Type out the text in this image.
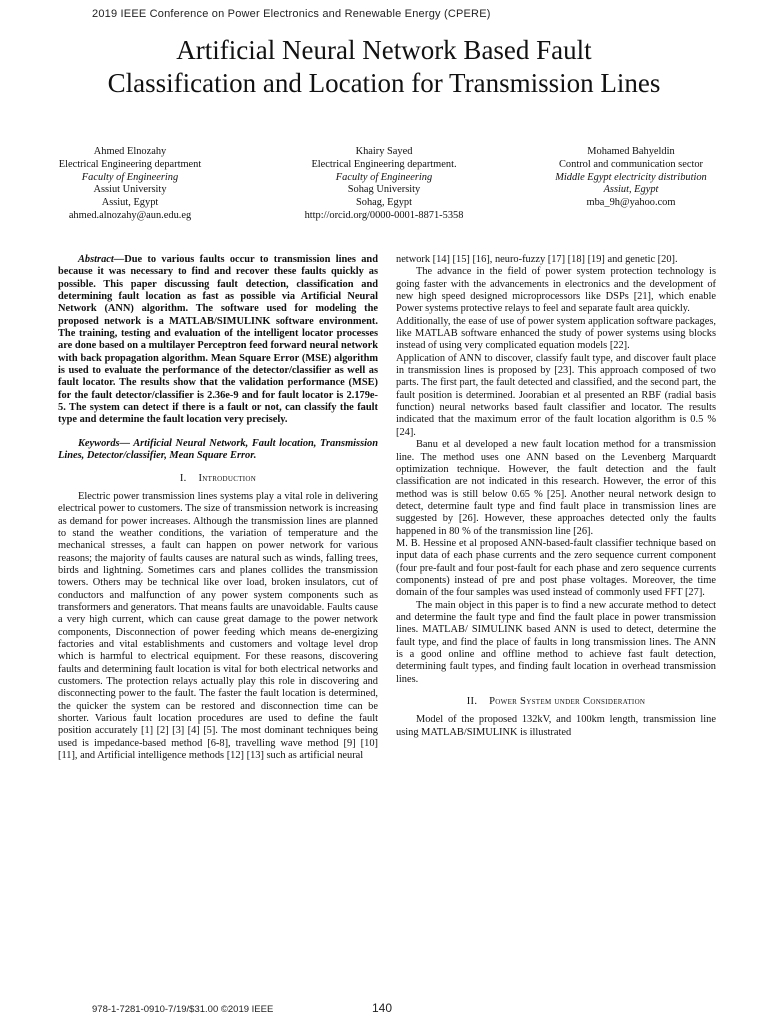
2019 IEEE Conference on Power Electronics and Renewable Energy (CPERE)
Artificial Neural Network Based Fault
Classification and Location for Transmission Lines
Ahmed Elnozahy
Electrical Engineering department
Faculty of Engineering
Assiut University
Assiut, Egypt
ahmed.alnozahy@aun.edu.eg
Khairy Sayed
Electrical Engineering department.
Faculty of Engineering
Sohag University
Sohag, Egypt
http://orcid.org/0000-0001-8871-5358
Mohamed Bahyeldin
Control and communication sector
Middle Egypt electricity distribution
Assiut, Egypt
mba_9h@yahoo.com

Abstract—Due to various faults occur to transmission lines and because it was necessary to find and recover these faults quickly as possible. This paper discussing fault detection, classification and determining fault location as fast as possible via Artificial Neural Network (ANN) algorithm. The software used for modeling the proposed network is a MATLAB/SIMULINK software environment. The training, testing and evaluation of the intelligent locator processes are done based on a multilayer Perceptron feed forward neural network with back propagation algorithm. Mean Square Error (MSE) algorithm is used to evaluate the performance of the detector/classifier as well as fault locator. The results show that the validation performance (MSE) for the fault detector/classifier is 2.36e-9 and for fault locator is 2.179e-5. The system can detect if there is a fault or not, can classify the fault type and determine the fault location very precisely.

Keywords— Artificial Neural Network, Fault location, Transmission Lines, Detector/classifier, Mean Square Error.

I. Introduction

Electric power transmission lines systems play a vital role in delivering electrical power to customers. The size of transmission network is increasing as demand for power increases. Although the transmission lines are planned to stand the weather conditions, the variation of temperature and the mechanical stresses, a fault can happen on power network for various reasons; the majority of faults causes are natural such as winds, falling trees, birds and lightning. Sometimes cars and planes collides the transmission towers. Others may be technical like over load, broken insulators, cut of conductors and malfunction of any power system components such as transformers and generators. That means faults are unavoidable. Faults cause a very high current, which can cause great damage to the power network components, Disconnection of power feeding which means de-energizing factories and vital establishments and customers and voltage level drop which is harmful to electrical equipment. For these reasons, discovering faults and determining fault location is vital for both electrical networks and customers. The protection relays actually play this role in discovering and disconnecting power to the fault. The faster the fault location is determined, the quicker the system can be restored and disconnection time can be shorter. Various fault location procedures are used to define the fault position accurately [1] [2] [3] [4] [5]. The most dominant techniques being used is impedance-based method [6-8], travelling wave method [9] [10] [11], and Artificial intelligence methods [12] [13] such as artificial neural

network [14] [15] [16], neuro-fuzzy [17] [18] [19] and genetic [20].

The advance in the field of power system protection technology is going faster with the advancements in electronics and the development of new high speed designed microprocessors like DSPs [21], which enable Power systems protective relays to feel and separate fault area quickly.

Additionally, the ease of use of power system application software packages, like MATLAB software enhanced the study of power systems using blocks instead of using very complicated equation models [22].

Application of ANN to discover, classify fault type, and discover fault place in transmission lines is proposed by [23]. This approach composed of two parts. The first part, the fault detected and classified, and the second part, the fault position is determined. Joorabian et al presented an RBF (radial basis function) neural networks based fault classifier and locator. The results indicated that the maximum error of the fault location algorithm is 0.5 % [24].

Banu et al developed a new fault location method for a transmission line. The method uses one ANN based on the Levenberg Marquardt optimization technique. However, the fault detection and the fault classification are not indicated in this research. However, the error of this method was is still below 0.65 % [25]. Another neural network design to detect, determine fault type and find fault place in transmission lines are suggested by [26]. However, these approaches detected only the faults happened in 80 % of the transmission line [26].

M. B. Hessine et al proposed ANN-based-fault classifier technique based on input data of each phase currents and the zero sequence current component (four pre-fault and four post-fault for each phase and zero sequence currents components) instead of pre and post phase voltages. Moreover, the time domain of the four samples was used instead of commonly used FFT [27].

The main object in this paper is to find a new accurate method to detect and determine the fault type and find the fault place in power transmission lines. MATLAB/ SIMULINK based ANN is used to detect, determine the fault type, and find the place of faults in long transmission lines. The ANN is a good online and offline method to achieve fast fault detection, determining fault types, and finding fault location in overhead transmission lines.

II. Power System under Consideration

Model of the proposed 132kV, and 100km length, transmission line using MATLAB/SIMULINK is illustrated

978-1-7281-0910-7/19/$31.00 ©2019 IEEE	140
